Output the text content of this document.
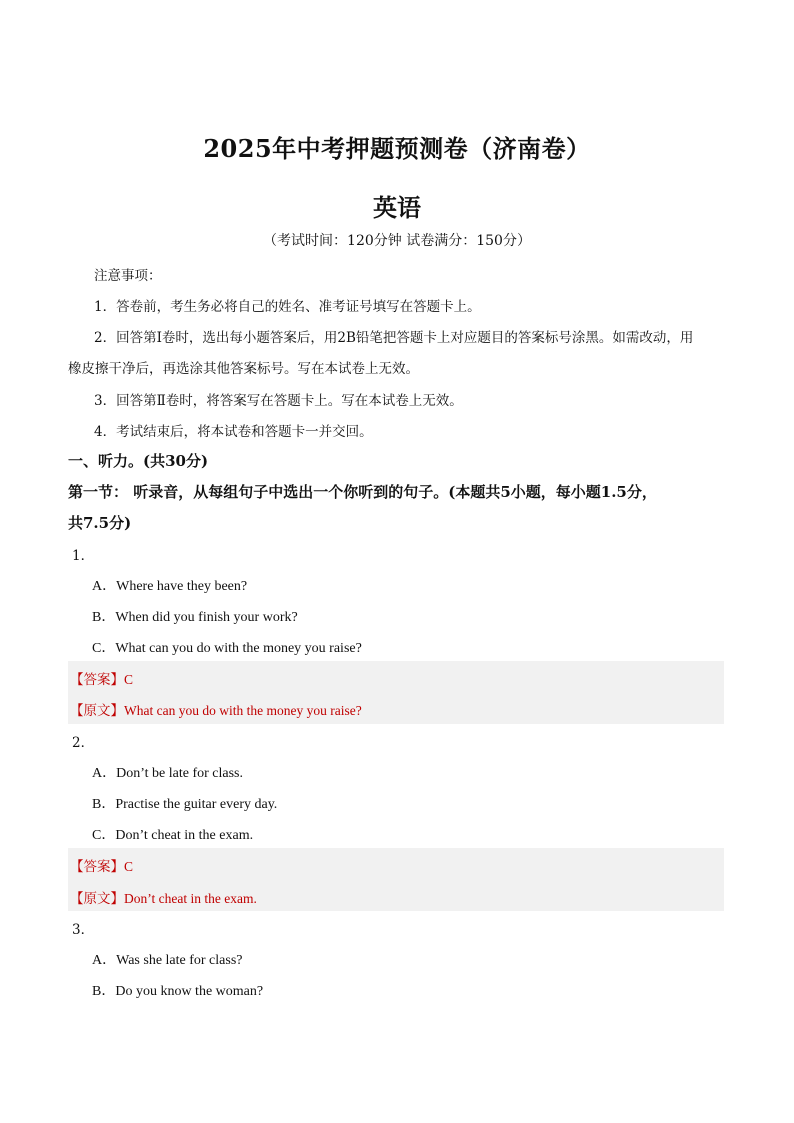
2025年中考押题预测卷（济南卷）
英语
（考试时间：120分钟 试卷满分：150分）
注意事项：
1．答卷前，考生务必将自己的姓名、准考证号填写在答题卡上。
2．回答第Ⅰ卷时，选出每小题答案后，用2B铅笔把答题卡上对应题目的答案标号涂黑。如需改动，用
橡皮擦干净后，再选涂其他答案标号。写在本试卷上无效。
3．回答第Ⅱ卷时，将答案写在答题卡上。写在本试卷上无效。
4．考试结束后，将本试卷和答题卡一并交回。
一、听力。(共30分)
第一节： 听录音，从每组句子中选出一个你听到的句子。(本题共5小题，每小题1.5分，
共7.5分)
1．
A．Where have they been?
B．When did you finish your work?
C．What can you do with the money you raise?
【答案】C
【原文】What can you do with the money you raise?
2．
A．Don’t be late for class.
B．Practise the guitar every day.
C．Don’t cheat in the exam.
【答案】C
【原文】Don’t cheat in the exam.
3．
A．Was she late for class?
B．Do you know the woman?
